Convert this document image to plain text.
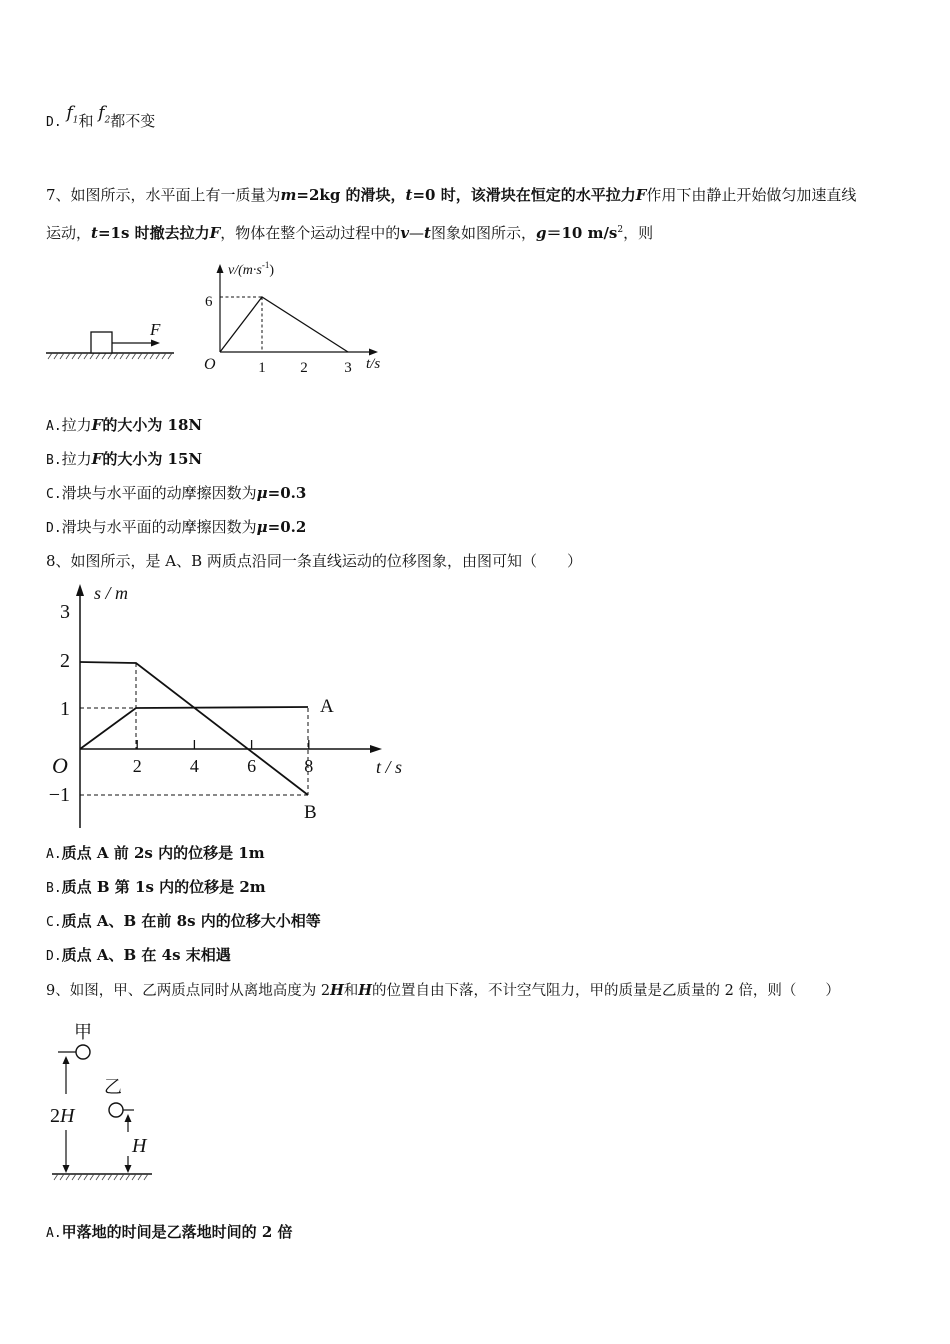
D. $f_1$和 $f_2$都不变
7、如图所示，水平面上有一质量为m=2kg 的滑块，t=0 时，该滑块在恒定的水平拉力F作用下由静止开始做匀加速直线
运动，t=1s 时撤去拉力F，物体在整个运动过程中的v—t图象如图所示，g＝10 $m/s^2$，则
F
$v/(m\cdot s^{-1})$
O	t/s
6
1 2 3
A.拉力F的大小为 18N
B.拉力F的大小为 15N
C.滑块与水平面的动摩擦因数为μ=0.3
D.滑块与水平面的动摩擦因数为μ=0.2
8、如图所示，是 A、B 两质点沿同一条直线运动的位移图象，由图可知（　　）
s / m
t / s
O
3
2
1
−1
2	4	6	8
A
B
A.质点 A 前 2s 内的位移是 1m
B.质点 B 第 1s 内的位移是 2m
C.质点 A、B 在前 8s 内的位移大小相等
D.质点 A、B 在 4s 末相遇
9、如图，甲、乙两质点同时从离地高度为 2H和H的位置自由下落，不计空气阻力，甲的质量是乙质量的 2 倍，则（　　）
甲
2H
乙
H
A.甲落地的时间是乙落地时间的 2 倍
